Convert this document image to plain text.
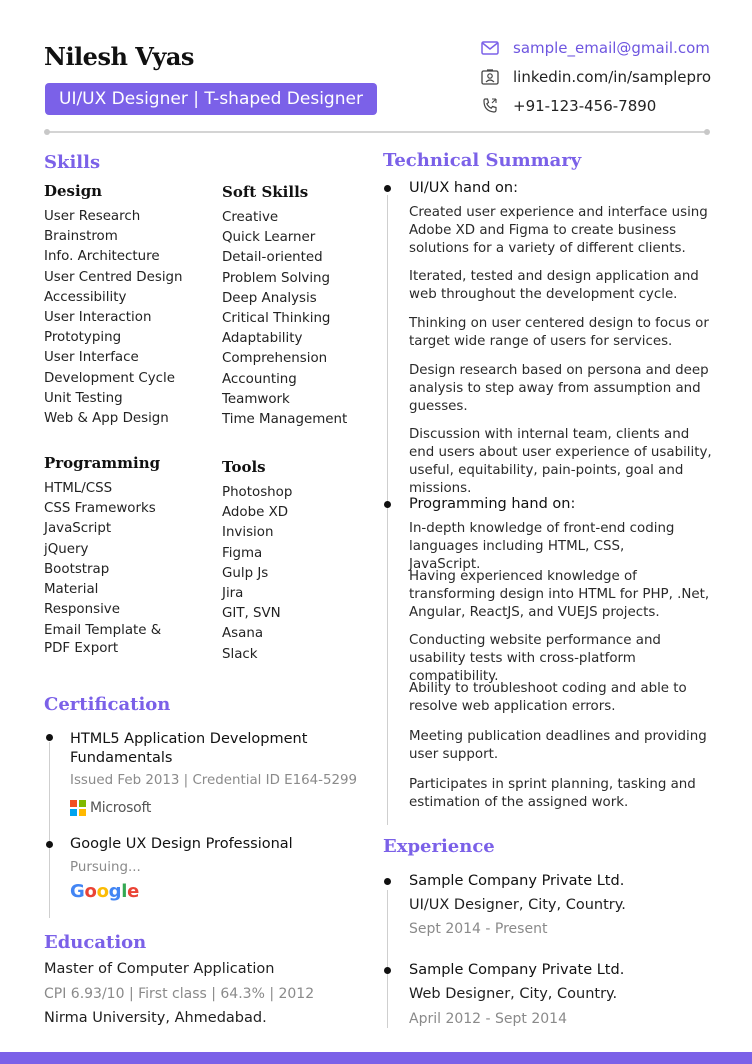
Nilesh Vyas
UI/UX Designer | T-shaped Designer
sample_email@gmail.com
linkedin.com/in/samplepro
+91-123-456-7890
Skills
Design
User Research
Brainstrom
Info. Architecture
User Centred Design
Accessibility
User Interaction
Prototyping
User Interface
Development Cycle
Unit Testing
Web & App Design
Soft Skills
Creative
Quick Learner
Detail-oriented
Problem Solving
Deep Analysis
Critical Thinking
Adaptability
Comprehension
Accounting
Teamwork
Time Management
Programming
HTML/CSS
CSS Frameworks
JavaScript
jQuery
Bootstrap
Material
Responsive
Email Template & PDF Export
Tools
Photoshop
Adobe XD
Invision
Figma
Gulp Js
Jira
GIT, SVN
Asana
Slack
Certification
HTML5 Application Development Fundamentals
Issued Feb 2013 | Credential ID E164-5299
Microsoft
Google UX Design Professional
Pursuing...
Google
Education
Master of Computer Application
CPI 6.93/10 | First class | 64.3% | 2012
Nirma University, Ahmedabad.
Technical Summary
UI/UX hand on:
Created user experience and interface using Adobe XD and Figma to create business solutions for a variety of different clients.
Iterated, tested and design application and web throughout the development cycle.
Thinking on user centered design to focus or target wide range of users for services.
Design research based on persona and deep analysis to step away from assumption and guesses.
Discussion with internal team, clients and end users about user experience of usability, useful, equitability, pain-points, goal and missions.
Programming hand on:
In-depth knowledge of front-end coding languages including HTML, CSS, JavaScript.
Having experienced knowledge of transforming design into HTML for PHP, .Net, Angular, ReactJS, and VUEJS projects.
Conducting website performance and usability tests with cross-platform compatibility.
Ability to troubleshoot coding and able to resolve web application errors.
Meeting publication deadlines and providing user support.
Participates in sprint planning, tasking and estimation of the assigned work.
Experience
Sample Company Private Ltd.
UI/UX Designer, City, Country.
Sept 2014 - Present
Sample Company Private Ltd.
Web Designer, City, Country.
April 2012 - Sept 2014
